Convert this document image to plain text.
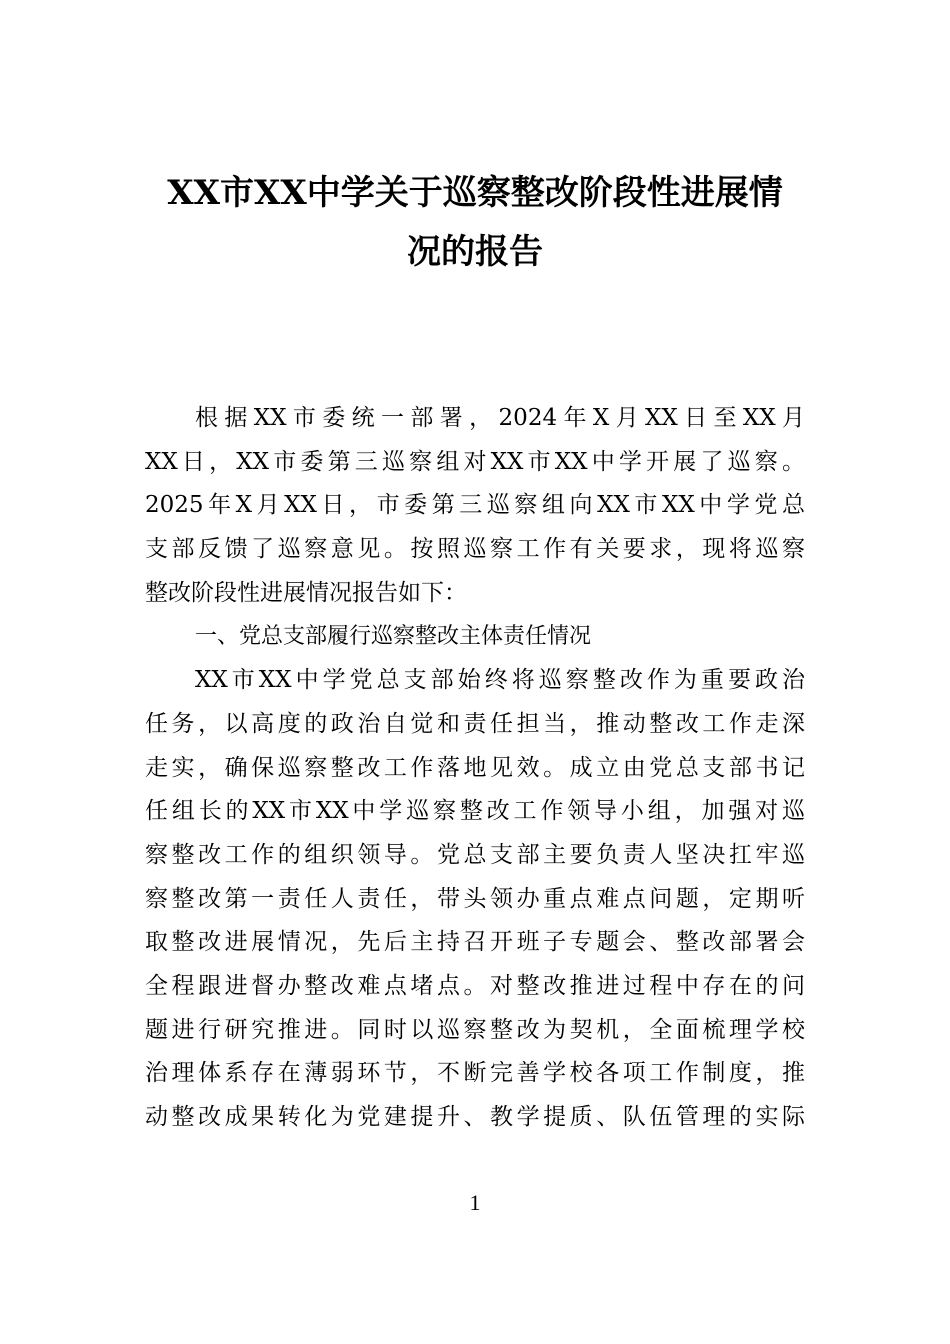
XX市XX中学关于巡察整改阶段性进展情
况的报告
根据XX市委统一部署，2024年X月XX日至XX月
XX日，XX市委第三巡察组对XX市XX中学开展了巡察。
2025年X月XX日，市委第三巡察组向XX市XX中学党总
支部反馈了巡察意见。按照巡察工作有关要求，现将巡察
整改阶段性进展情况报告如下：
一、党总支部履行巡察整改主体责任情况
XX市XX中学党总支部始终将巡察整改作为重要政治
任务，以高度的政治自觉和责任担当，推动整改工作走深
走实，确保巡察整改工作落地见效。成立由党总支部书记
任组长的XX市XX中学巡察整改工作领导小组，加强对巡
察整改工作的组织领导。党总支部主要负责人坚决扛牢巡
察整改第一责任人责任，带头领办重点难点问题，定期听
取整改进展情况，先后主持召开班子专题会、整改部署会
全程跟进督办整改难点堵点。对整改推进过程中存在的问
题进行研究推进。同时以巡察整改为契机，全面梳理学校
治理体系存在薄弱环节，不断完善学校各项工作制度，推
动整改成果转化为党建提升、教学提质、队伍管理的实际
1
